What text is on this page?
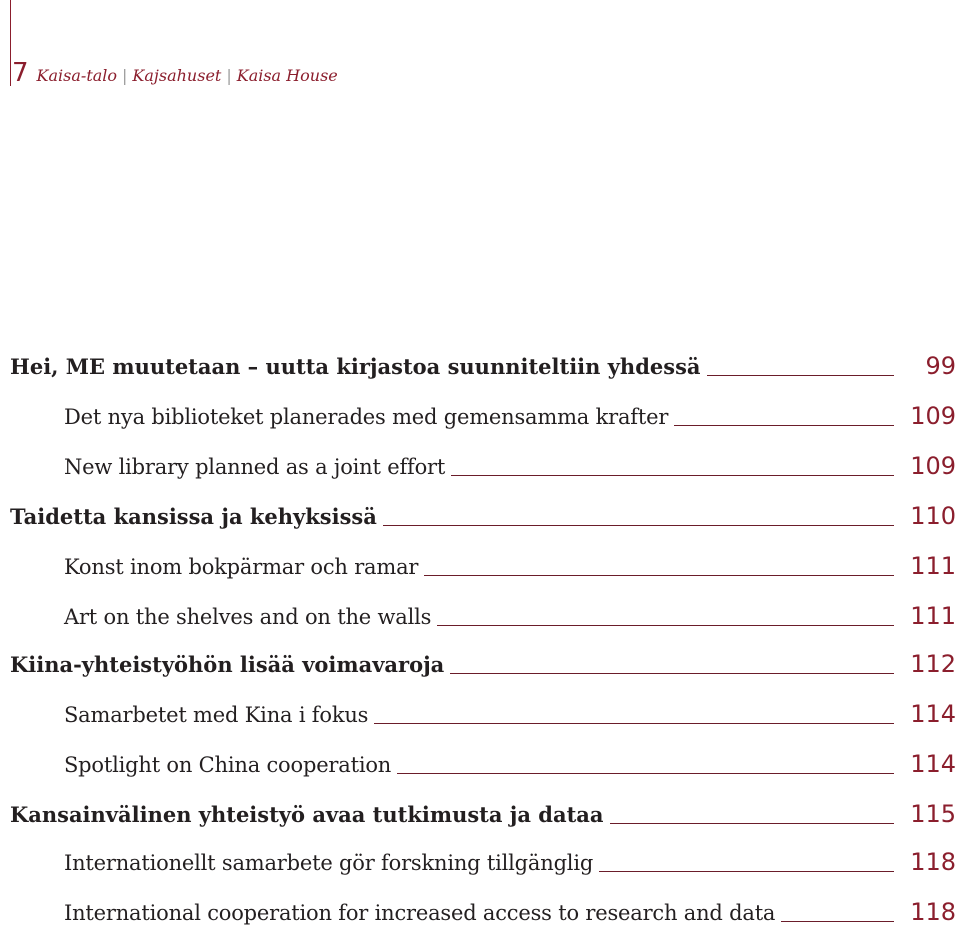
7 Kaisa-talo | Kajsahuset | Kaisa House
Hei, ME muutetaan – uutta kirjastoa suunniteltiin yhdessä	99
Det nya biblioteket planerades med gemensamma krafter	109
New library planned as a joint effort	109
Taidetta kansissa ja kehyksissä	110
Konst inom bokpärmar och ramar	111
Art on the shelves and on the walls	111
Kiina-yhteistyöhön lisää voimavaroja	112
Samarbetet med Kina i fokus	114
Spotlight on China cooperation	114
Kansainvälinen yhteistyö avaa tutkimusta ja dataa	115
Internationellt samarbete gör forskning tillgänglig	118
International cooperation for increased access to research and data	118
